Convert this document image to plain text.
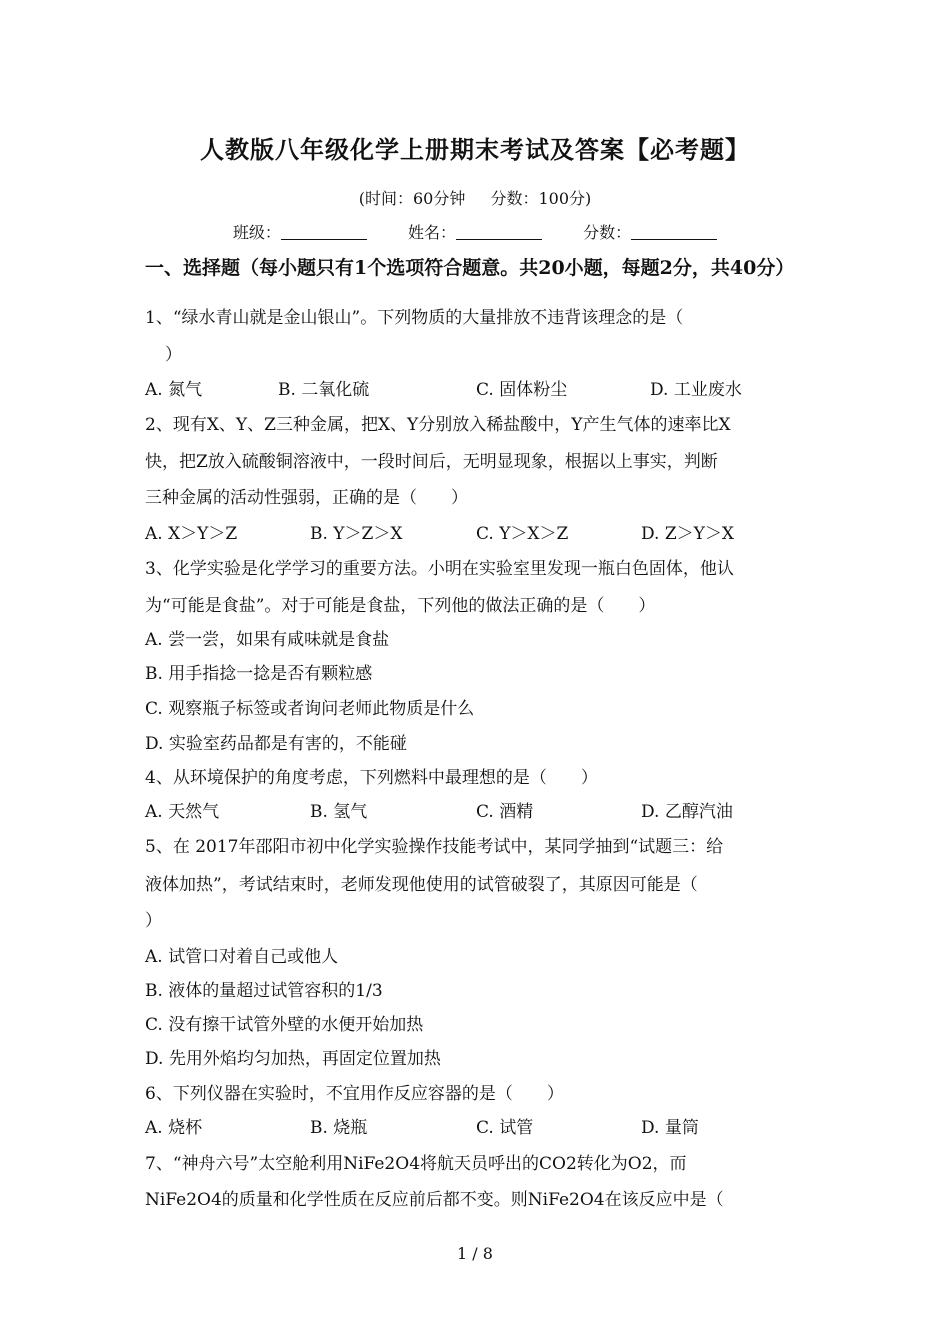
人教版八年级化学上册期末考试及答案【必考题】
(时间：60分钟 分数：100分)
班级：	姓名：	分数：
一、选择题（每小题只有1个选项符合题意。共20小题，每题2分，共40分）
1、“绿水青山就是金山银山”。下列物质的大量排放不违背该理念的是（
）
A. 氮气	B. 二氧化硫	C. 固体粉尘	D. 工业废水
2、现有X、Y、Z三种金属，把X、Y分别放入稀盐酸中，Y产生气体的速率比X
快，把Z放入硫酸铜溶液中，一段时间后，无明显现象，根据以上事实，判断
三种金属的活动性强弱，正确的是（　　）
A. X＞Y＞Z	B. Y＞Z＞X	C. Y＞X＞Z	D. Z＞Y＞X
3、化学实验是化学学习的重要方法。小明在实验室里发现一瓶白色固体，他认
为“可能是食盐”。对于可能是食盐，下列他的做法正确的是（　　）
A. 尝一尝，如果有咸味就是食盐
B. 用手指捻一捻是否有颗粒感
C. 观察瓶子标签或者询问老师此物质是什么
D. 实验室药品都是有害的，不能碰
4、从环境保护的角度考虑，下列燃料中最理想的是（　　）
A. 天然气	B. 氢气	C. 酒精	D. 乙醇汽油
5、在 2017年邵阳市初中化学实验操作技能考试中，某同学抽到“试题三：给
液体加热”，考试结束时，老师发现他使用的试管破裂了，其原因可能是（
）
A. 试管口对着自己或他人
B. 液体的量超过试管容积的1/3
C. 没有擦干试管外壁的水便开始加热
D. 先用外焰均匀加热，再固定位置加热
6、下列仪器在实验时，不宜用作反应容器的是（　　）
A. 烧杯	B. 烧瓶	C. 试管	D. 量筒
7、“神舟六号”太空舱利用NiFe2O4将航天员呼出的CO2转化为O2，而
NiFe2O4的质量和化学性质在反应前后都不变。则NiFe2O4在该反应中是（
1 / 8
